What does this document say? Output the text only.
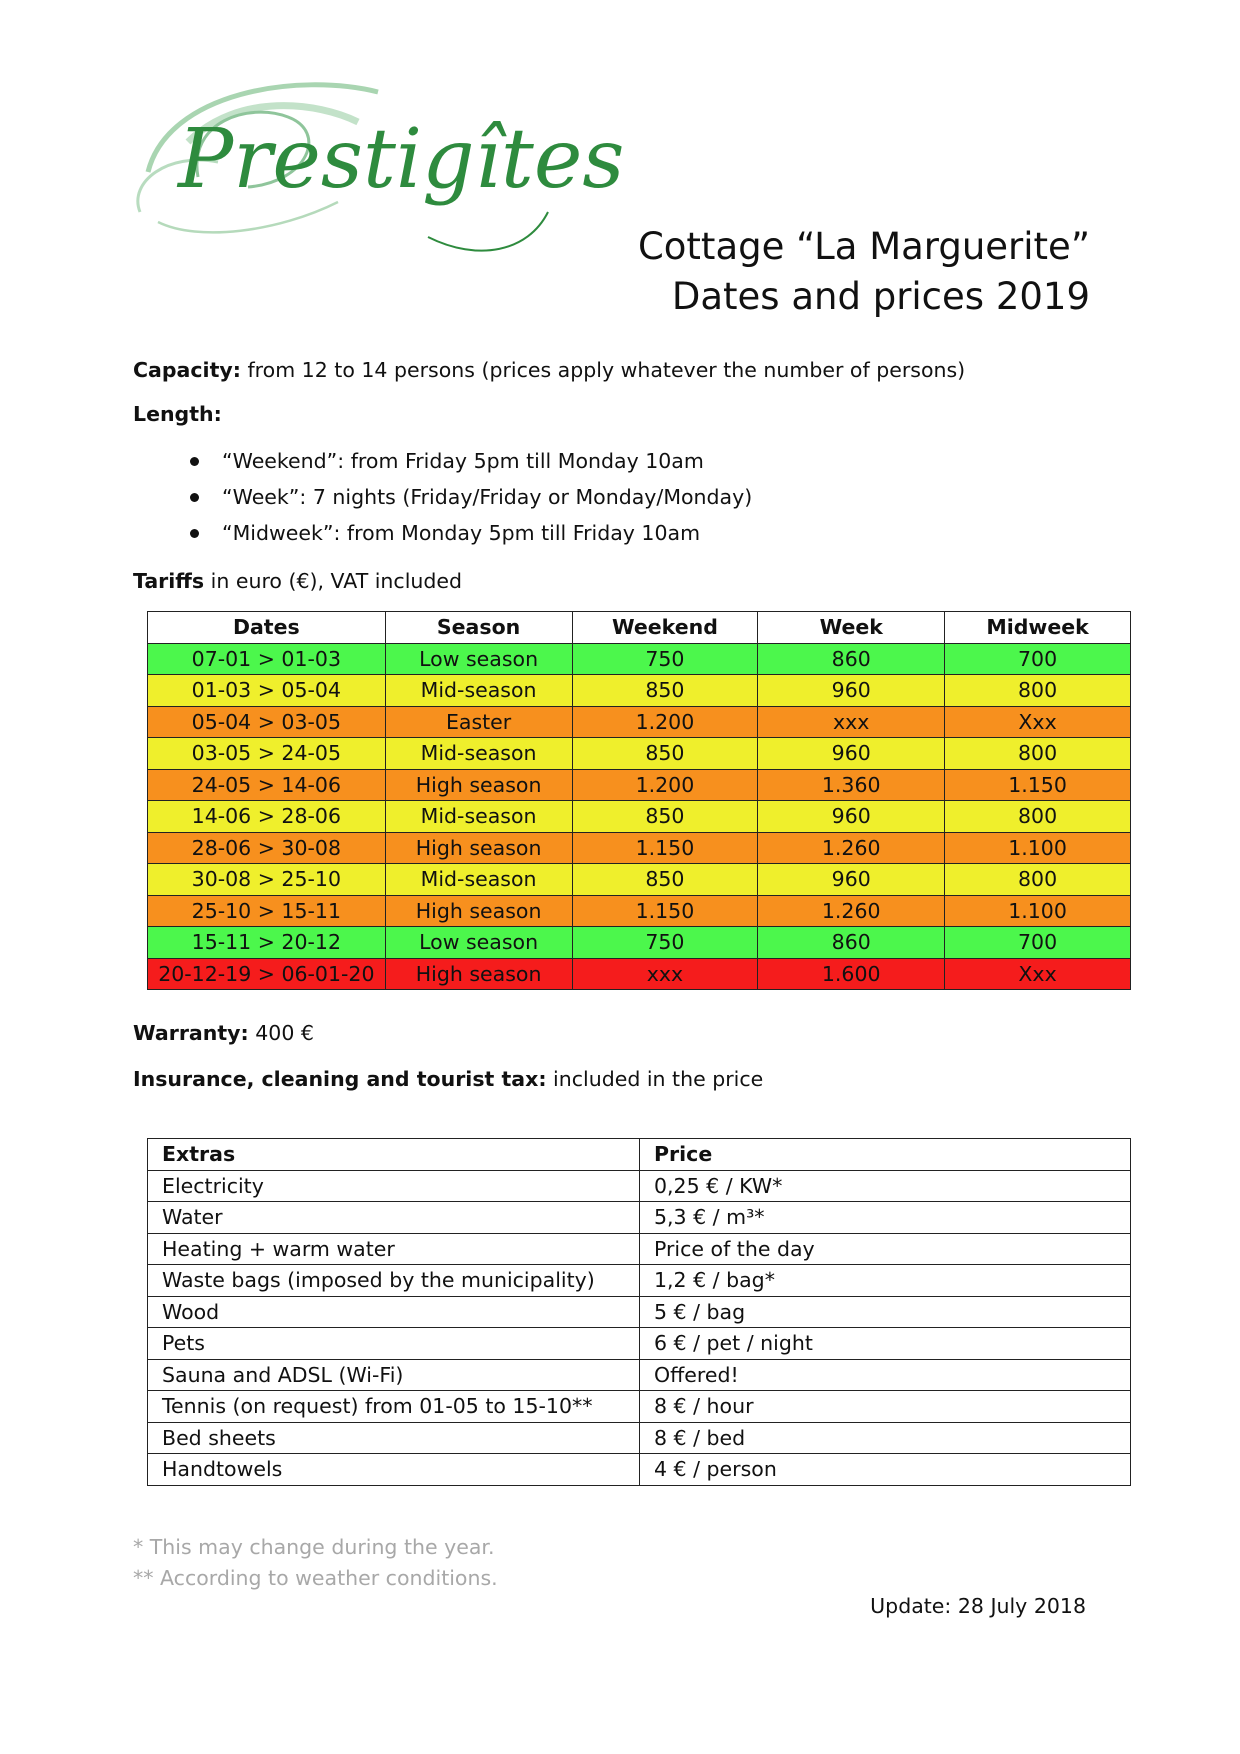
Prestigîtes
Cottage “La Marguerite”
Dates and prices 2019
Capacity: from 12 to 14 persons (prices apply whatever the number of persons)
Length:
“Weekend”: from Friday 5pm till Monday 10am
“Week”: 7 nights (Friday/Friday or Monday/Monday)
“Midweek”: from Monday 5pm till Friday 10am
Tariffs in euro (€), VAT included
Dates	Season	Weekend	Week	Midweek
07-01 > 01-03	Low season	750	860	700
01-03 > 05-04	Mid-season	850	960	800
05-04 > 03-05	Easter	1.200	xxx	Xxx
03-05 > 24-05	Mid-season	850	960	800
24-05 > 14-06	High season	1.200	1.360	1.150
14-06 > 28-06	Mid-season	850	960	800
28-06 > 30-08	High season	1.150	1.260	1.100
30-08 > 25-10	Mid-season	850	960	800
25-10 > 15-11	High season	1.150	1.260	1.100
15-11 > 20-12	Low season	750	860	700
20-12-19 > 06-01-20	High season	xxx	1.600	Xxx
Warranty: 400 €
Insurance, cleaning and tourist tax: included in the price
Extras	Price
Electricity	0,25 € / KW*
Water	5,3 € / m³*
Heating + warm water	Price of the day
Waste bags (imposed by the municipality)	1,2 € / bag*
Wood	5 € / bag
Pets	6 € / pet / night
Sauna and ADSL (Wi-Fi)	Offered!
Tennis (on request) from 01-05 to 15-10**	8 € / hour
Bed sheets	8 € / bed
Handtowels	4 € / person
* This may change during the year.
** According to weather conditions.
Update: 28 July 2018
